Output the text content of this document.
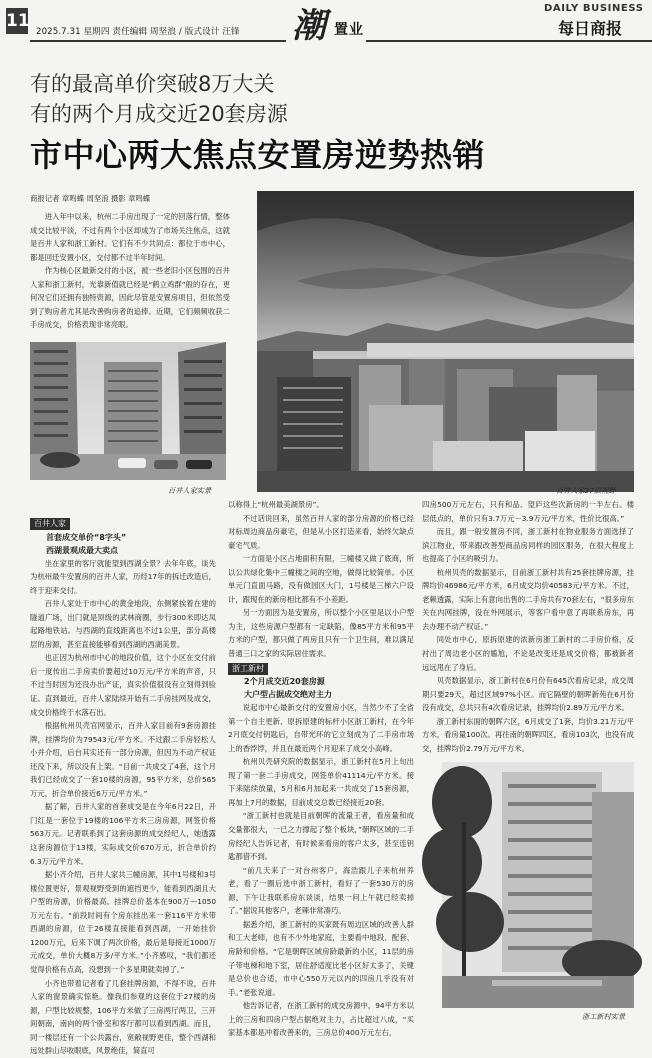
11
2025.7.31 星期四 责任编辑 周坚浪 / 版式设计 汪锋 潮 置业
DAILY BUSINESS
每日商报
有的最高单价突破8万大关
有的两个月成交近20套房源
市中心两大焦点安置房逆势热销
商报记者 章鸣蝶 周坚浪 摄影 章鸣蝶

进入年中以来，杭州二手房出现了一定的回落行情，整体成交比较平淡，不过有两个小区却成为了市场关注焦点，这就是百井人家和浙工新村。它们有不少共同点：都位于市中心，都是回迁安置小区，交付都不过半年时间。

作为核心区最新交付的小区，被一些老旧小区包围的百井人家和浙工新村，光靠新值就已经是“鹤立鸡群”般的存在，更何况它们还拥有独特资源，因此尽管是安置房项目，但依然受到了购房者尤其是改善购房者的追捧。近期，它们频频收获二手房成交，价格表现非常亮眼。

百井人家实景	百井人家27层视野
百井人家

首套成交单价“8字头”

西湖景观成最大卖点

坐在家里的客厅就能望到西湖全景？去年年底，谈先为杭州最牛安置房的百井人家，历经17年的拆迁改造后，终于迎来交付。

百井人家处于市中心的黄金地段，东侧紧挨着在建的隧道广场，出门就是顶级的武林商圈，步行300米即达凤起路地铁站。与西湖的直线距离也不过1公里，部分高楼层的房源，甚至直接能够看到西湖的西湖美景。

也正因为杭州市中心的地段价值，这个小区在交付前后一度传出二手房卖价要超过10万元/平方米的声音，只不过当时因为还没办出产证，真实价值很没有立刻得到验证。直到最近，百井人家陆续开始有二手房挂网及成交，成交价格终于水落石出。

根据杭州贝壳官网显示，百井人家目前有9套房源挂牌，挂牌均价为79543元/平方米。不过跟二手房轻松人小并介绍，后台其实还有一部分房源，但因为不动产权证还没下来，所以没有上架。“目前一共成交了4套，这个月我们已经成交了一套10楼的房源，95平方米，总价565万元，折合单价接近6万元/平方米。”

据了解，百井人家的首套成交是在今年6月22日，开门红是一套位于19楼的106平方米三房房源，网签价格563万元。记者联系到了这套房源的成交经纪人，她透露这套房源位于13楼，实际成交价670万元，折合单价约6.3万元/平方米。

据小齐介绍，百井人家共三幢房源，其中1号楼和3号楼位置更好，景观视野受到的遮挡更少，能看到西湖且大户型的房源，价格最高。挂牌总价基本在900万—1050万元左右。“前段时间有个房东挂出来一套116平方米带西湖的房源，位于26楼直接能看到西湖，一开始挂价1200万元，后来下调了两次价格，最后是每接近1000万元成交，单价大概8万多/平方米。”小齐感叹，“我们都还觉得价格有点高，没想到一个多星期就卖掉了。”

小齐也带着记者看了几套挂牌房源，不得不说，百井人家的窗景确实惊艳。像我们参观的这套位于27楼的房源，户型比较规整，106平方米做了三房两厅两卫，三开间朝南，南向的两个卧室和客厅都可以看到西湖。而且，同一楼层还有一个公共露台，宽敞视野更佳，整个西湖和远处群山尽收眼底，风景绝佳，简直可

以称得上“杭州最美湖景房”。

不过话说回来，虽然百井人家的部分房源的价格已经对标周边商品房豪宅，但是从小区打造来看，始终欠缺点豪宅气质。

一方面是小区占地面积有限，三幢楼又做了底商，所以公共绿化集中三幢楼之间的空地，做得比较简单。小区单元门直面马路，没有做园区大门，1号楼是三梯六户设计，跟现在的新房相比都有不小差距。

另一方面因为是安置房，所以整个小区里是以小户型为主，这些房源户型都有一定缺陷，像85平方米和95平方米的户型，都只做了两房且只有一个卫生间，难以满足普通三口之家的实际居住需求。

浙工新村

2个月成交近20套房源

大户型占据成交绝对主力

说起市中心最新交付的安置房小区，当然少不了全省第一个自主更新、原拆原建的标杆小区浙工新村，在今年2月底交付钥匙后，自带光环的它立刻成为了二手房市场上的香饽饽，并且在最近两个月迎来了成交小高峰。

杭州贝壳研究院的数据显示，浙工新村在5月上旬出现了第一套二手房成交，网签单价41114元/平方米。接下来陆续放量，5月和6月加起来一共成交了15套房源，再加上7月的数据，目前成交总数已经接近20套。

“浙工新村也就是目前朝晖的流量王者，看房量和成交量都很大，一已之力撑起了整个板块，”朝晖区域的二手房经纪人告诉记者，有时候来看房的客户太多，甚至连钥匙都借不到。

“前几天来了一对台州客户，海浩跟儿子来杭州养老，看了一圈后选中浙工新村，看好了一套530万的房源，下午让我联系房东谈谈，结果一问上午就已经卖掉了。”据说其他客户，老辣非常凑巧。

据悉介绍，浙工新村的买家既有周边区域的改善人群和工大老师，也有不少外地家庭，主要看中地段、配套、房龄和价格。“它是朝晖区域房龄最新的小区，11层的房子带电梯和地下室，居住舒适度比老小区好太多了，关键是总价也合适，市中心550万元以内的四房几乎没有对手。”老张说道。

他告诉记者，在浙工新村的成交房源中，94平方米以上的三房和四房户型占据绝对主力，占比超过八成，“买家基本都是冲着改善来的，三房总价400万元左右，

四房500万元左右，只有和品、望庐这些次新房的一半左右。楼层低点的，单价只有3.7万元－3.9万元/平方米，性价比很高。”

而且，跟一般安置房不同，浙工新村在物业服务方面选择了滨江物业，带来跟改善型商品房同样的园区服务，在很大程度上也提高了小区的吸引力。

杭州贝壳的数据显示，目前浙工新村共有25套挂牌房源，挂牌均价46986元/平方米，6月成交均价40583元/平方米。不过，老赖透露，实际上有意向出售的二手房共有70套左右，“很多房东关在内网挂牌，没在外网展示，等客户看中意了再联系房东，再去办理不动产权证。”

同处市中心，原拆原建的浓新房浙工新村的二手房价格，反衬出了周边老小区的尴尬，不论是改变还是成交价格，都被新者远远甩在了身后。

贝壳数据显示，浙工新村在6月份有645次看房记录，成交周期只要29天，超过区域97%小区。而它隔壁的朝晖新苑在6月份没有成交，总共只有4次看房记录，挂牌均价2.89万元/平方米。

浙工新村东面的朝晖六区，6月成交了1套，均价3.21万元/平方米，看房量100次。再往南的朝晖四区，看房103次，也没有成交，挂牌均价2.79万元/平方米。

浙工新村实景
